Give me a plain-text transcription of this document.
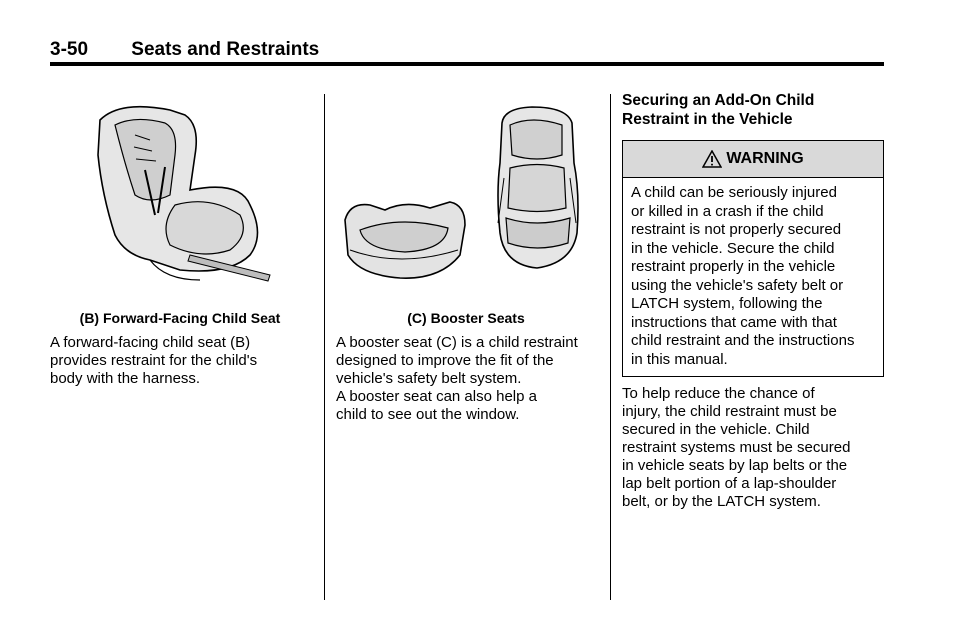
3-50 Seats and Restraints
(B) Forward-Facing Child Seat
A forward-facing child seat (B)
provides restraint for the child's
body with the harness.
(C) Booster Seats
A booster seat (C) is a child restraint
designed to improve the fit of the
vehicle's safety belt system.
A booster seat can also help a
child to see out the window.
Securing an Add-On Child
Restraint in the Vehicle
WARNING
A child can be seriously injured
or killed in a crash if the child
restraint is not properly secured
in the vehicle. Secure the child
restraint properly in the vehicle
using the vehicle's safety belt or
LATCH system, following the
instructions that came with that
child restraint and the instructions
in this manual.
To help reduce the chance of
injury, the child restraint must be
secured in the vehicle. Child
restraint systems must be secured
in vehicle seats by lap belts or the
lap belt portion of a lap-shoulder
belt, or by the LATCH system.
